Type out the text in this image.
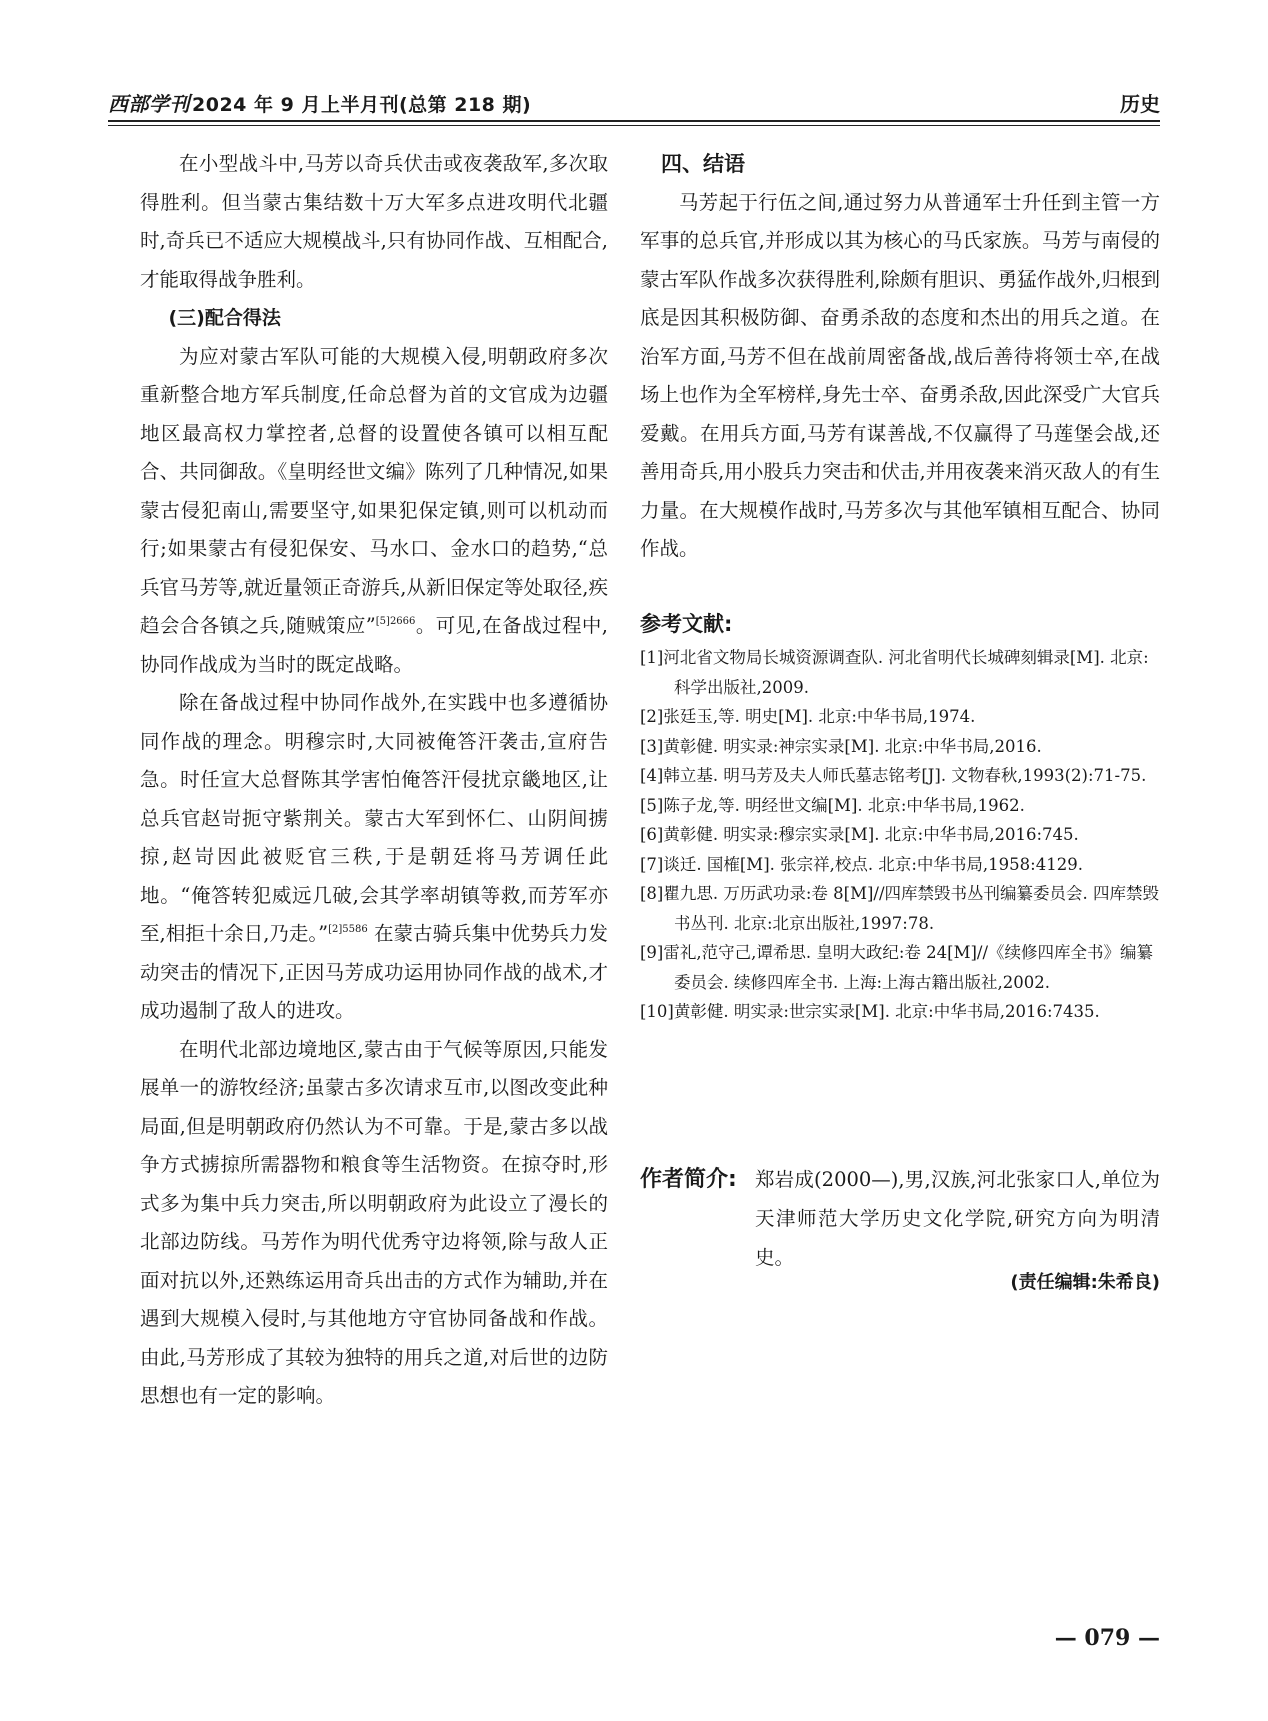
西部学刊 2024 年 9 月上半月刊(总第 218 期)	历史

在小型战斗中,马芳以奇兵伏击或夜袭敌军,多次取得胜利。但当蒙古集结数十万大军多点进攻明代北疆时,奇兵已不适应大规模战斗,只有协同作战、互相配合,才能取得战争胜利。

(三)配合得法

为应对蒙古军队可能的大规模入侵,明朝政府多次重新整合地方军兵制度,任命总督为首的文官成为边疆地区最高权力掌控者,总督的设置使各镇可以相互配合、共同御敌。《皇明经世文编》陈列了几种情况,如果蒙古侵犯南山,需要坚守,如果犯保定镇,则可以机动而行;如果蒙古有侵犯保安、马水口、金水口的趋势,“总兵官马芳等,就近量领正奇游兵,从新旧保定等处取径,疾趋会合各镇之兵,随贼策应”$^{[5]2666}$。可见,在备战过程中,协同作战成为当时的既定战略。

除在备战过程中协同作战外,在实践中也多遵循协同作战的理念。明穆宗时,大同被俺答汗袭击,宣府告急。时任宣大总督陈其学害怕俺答汗侵扰京畿地区,让总兵官赵岢扼守紫荆关。蒙古大军到怀仁、山阴间掳掠,赵岢因此被贬官三秩,于是朝廷将马芳调任此地。“俺答转犯威远几破,会其学率胡镇等救,而芳军亦至,相拒十余日,乃走。”$^{[2]5586}$ 在蒙古骑兵集中优势兵力发动突击的情况下,正因马芳成功运用协同作战的战术,才成功遏制了敌人的进攻。

在明代北部边境地区,蒙古由于气候等原因,只能发展单一的游牧经济;虽蒙古多次请求互市,以图改变此种局面,但是明朝政府仍然认为不可靠。于是,蒙古多以战争方式掳掠所需器物和粮食等生活物资。在掠夺时,形式多为集中兵力突击,所以明朝政府为此设立了漫长的北部边防线。马芳作为明代优秀守边将领,除与敌人正面对抗以外,还熟练运用奇兵出击的方式作为辅助,并在遇到大规模入侵时,与其他地方守官协同备战和作战。由此,马芳形成了其较为独特的用兵之道,对后世的边防思想也有一定的影响。

四、结语

马芳起于行伍之间,通过努力从普通军士升任到主管一方军事的总兵官,并形成以其为核心的马氏家族。马芳与南侵的蒙古军队作战多次获得胜利,除颇有胆识、勇猛作战外,归根到底是因其积极防御、奋勇杀敌的态度和杰出的用兵之道。在治军方面,马芳不但在战前周密备战,战后善待将领士卒,在战场上也作为全军榜样,身先士卒、奋勇杀敌,因此深受广大官兵爱戴。在用兵方面,马芳有谋善战,不仅赢得了马莲堡会战,还善用奇兵,用小股兵力突击和伏击,并用夜袭来消灭敌人的有生力量。在大规模作战时,马芳多次与其他军镇相互配合、协同作战。

参考文献:

[1]河北省文物局长城资源调查队. 河北省明代长城碑刻辑录[M]. 北京:科学出版社,2009.

[2]张廷玉,等. 明史[M]. 北京:中华书局,1974.

[3]黄彰健. 明实录:神宗实录[M]. 北京:中华书局,2016.

[4]韩立基. 明马芳及夫人师氏墓志铭考[J]. 文物春秋,1993(2):71-75.

[5]陈子龙,等. 明经世文编[M]. 北京:中华书局,1962.

[6]黄彰健. 明实录:穆宗实录[M]. 北京:中华书局,2016:745.

[7]谈迁. 国榷[M]. 张宗祥,校点. 北京:中华书局,1958:4129.

[8]瞿九思. 万历武功录:卷 8[M]//四库禁毁书丛刊编纂委员会. 四库禁毁书丛刊. 北京:北京出版社,1997:78.

[9]雷礼,范守己,谭希思. 皇明大政纪:卷 24[M]//《续修四库全书》编纂委员会. 续修四库全书. 上海:上海古籍出版社,2002.

[10]黄彰健. 明实录:世宗实录[M]. 北京:中华书局,2016:7435.

作者简介: 郑岩成(2000—),男,汉族,河北张家口人,单位为天津师范大学历史文化学院,研究方向为明清史。
(责任编辑:朱希良)
— 079 —
